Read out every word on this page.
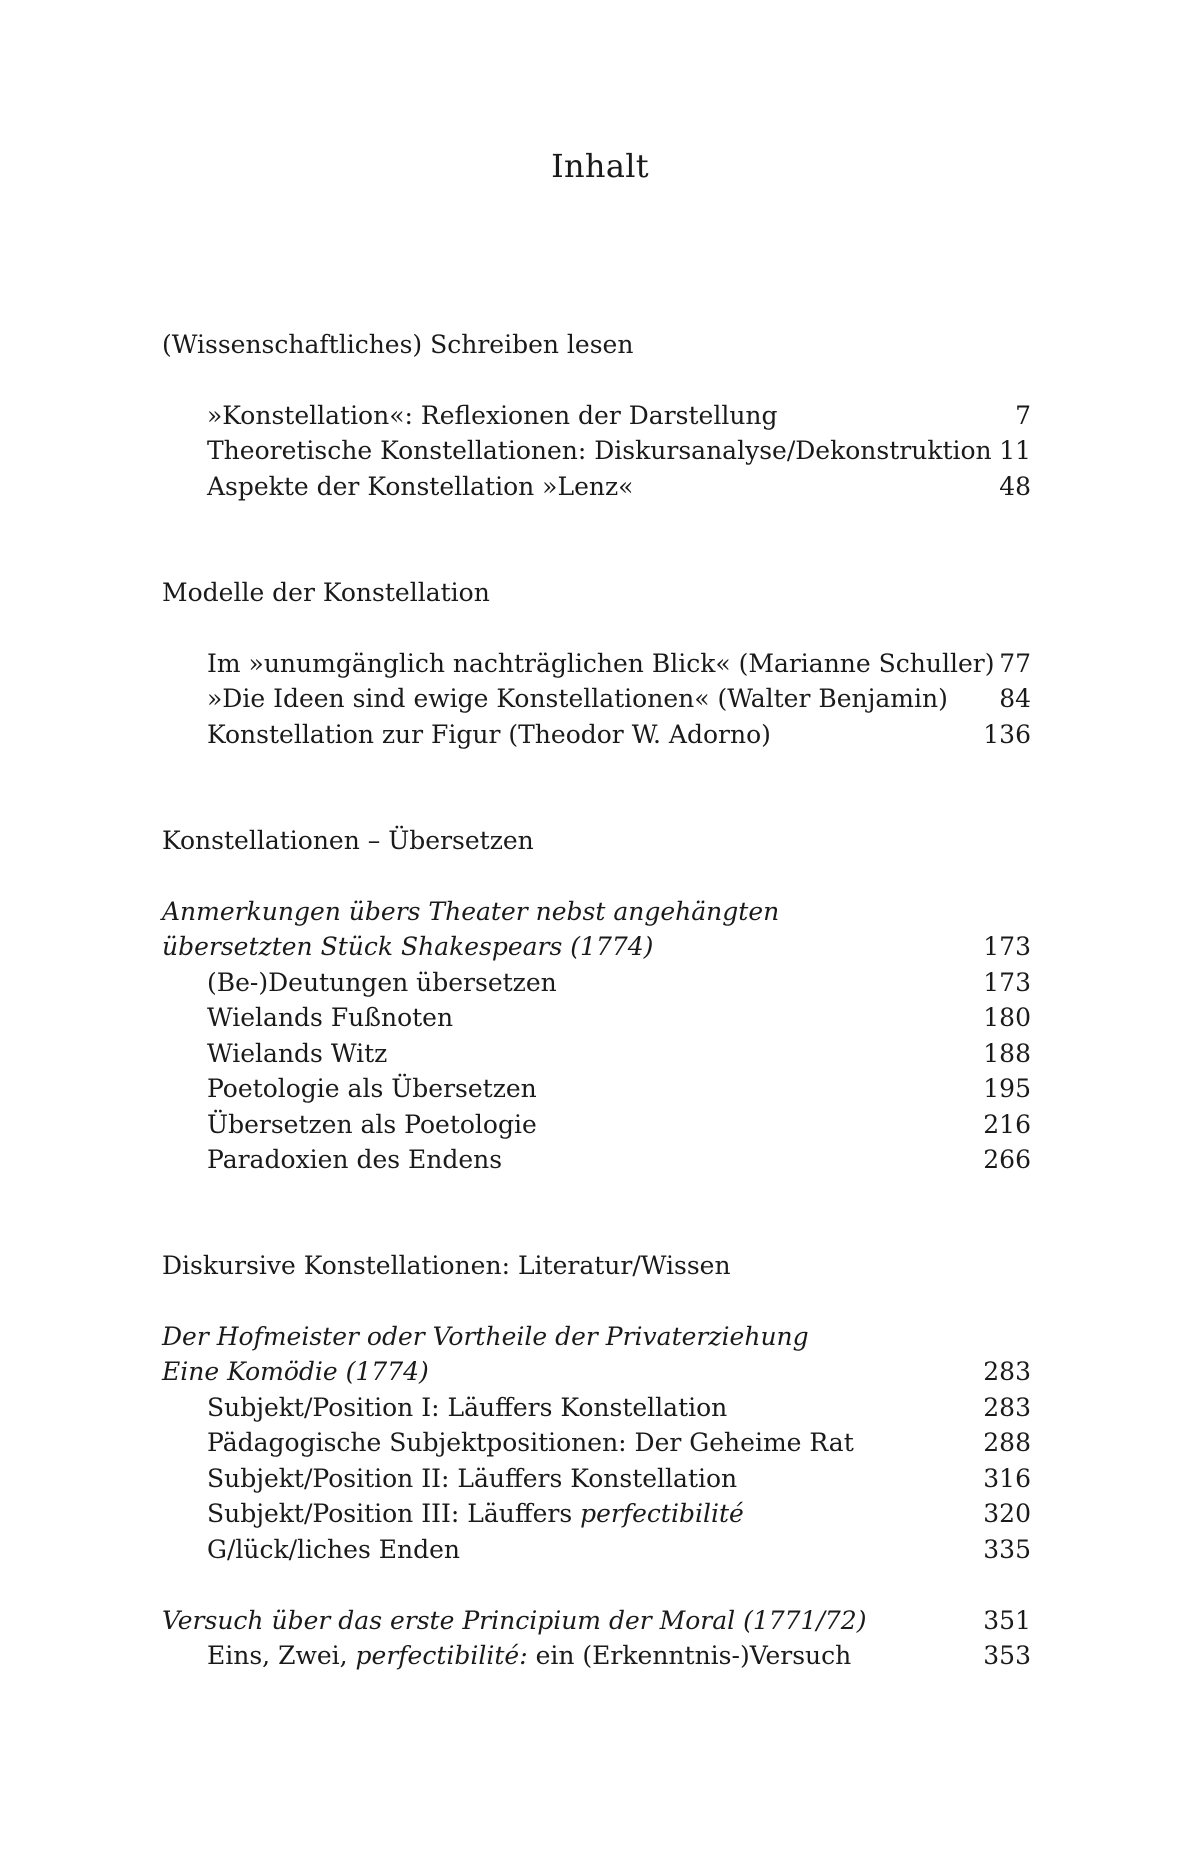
Inhalt
(Wissenschaftliches) Schreiben lesen
»Konstellation«: Reflexionen der Darstellung	7
Theoretische Konstellationen: Diskursanalyse/Dekonstruktion 11
Aspekte der Konstellation »Lenz«	48
Modelle der Konstellation
Im »unumgänglich nachträglichen Blick« (Marianne Schuller) 77
»Die Ideen sind ewige Konstellationen« (Walter Benjamin) 84
Konstellation zur Figur (Theodor W. Adorno)	136
Konstellationen – Übersetzen
Anmerkungen übers Theater nebst angehängten
übersetzten Stück Shakespears (1774)	173
(Be-)Deutungen übersetzen	173
Wielands Fußnoten	180
Wielands Witz	188
Poetologie als Übersetzen	195
Übersetzen als Poetologie	216
Paradoxien des Endens	266
Diskursive Konstellationen: Literatur/Wissen
Der Hofmeister oder Vortheile der Privaterziehung
Eine Komödie (1774)	283
Subjekt/Position I: Läuffers Konstellation	283
Pädagogische Subjektpositionen: Der Geheime Rat	288
Subjekt/Position II: Läuffers Konstellation	316
Subjekt/Position III: Läuffers perfectibilité	320
G/lück/liches Enden	335
Versuch über das erste Principium der Moral (1771/72)	351
Eins, Zwei, perfectibilité: ein (Erkenntnis-)Versuch	353
